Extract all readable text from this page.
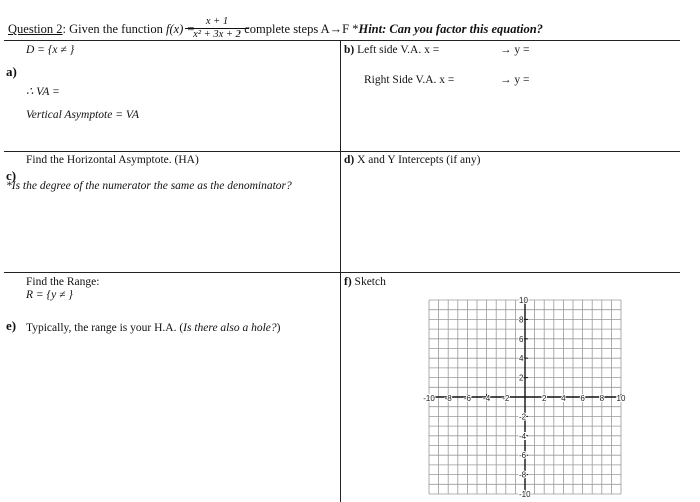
Question 2: Given the function f(x) =
$\frac{x + 1}{\text{x² + 3x + 2}}$
, complete steps A→F *Hint: Can you factor this equation?
D = {x ≠ }
a)
∴ VA =
Vertical Asymptote = VA
b) Left side V.A. x =	→ y =
Right Side V.A. x =	→ y =
Find the Horizontal Asymptote. (HA)
c)
*Is the degree of the numerator the same as the denominator?
d) X and Y Intercepts (if any)
Find the Range:
R = {y ≠ }
e) Typically, the range is your H.A. (Is there also a hole?)
f) Sketch
-10 -8 -6 -4 -2	2 4 6 8 10
10
8
6
4
2
-2
-4
-6
-8
-10
